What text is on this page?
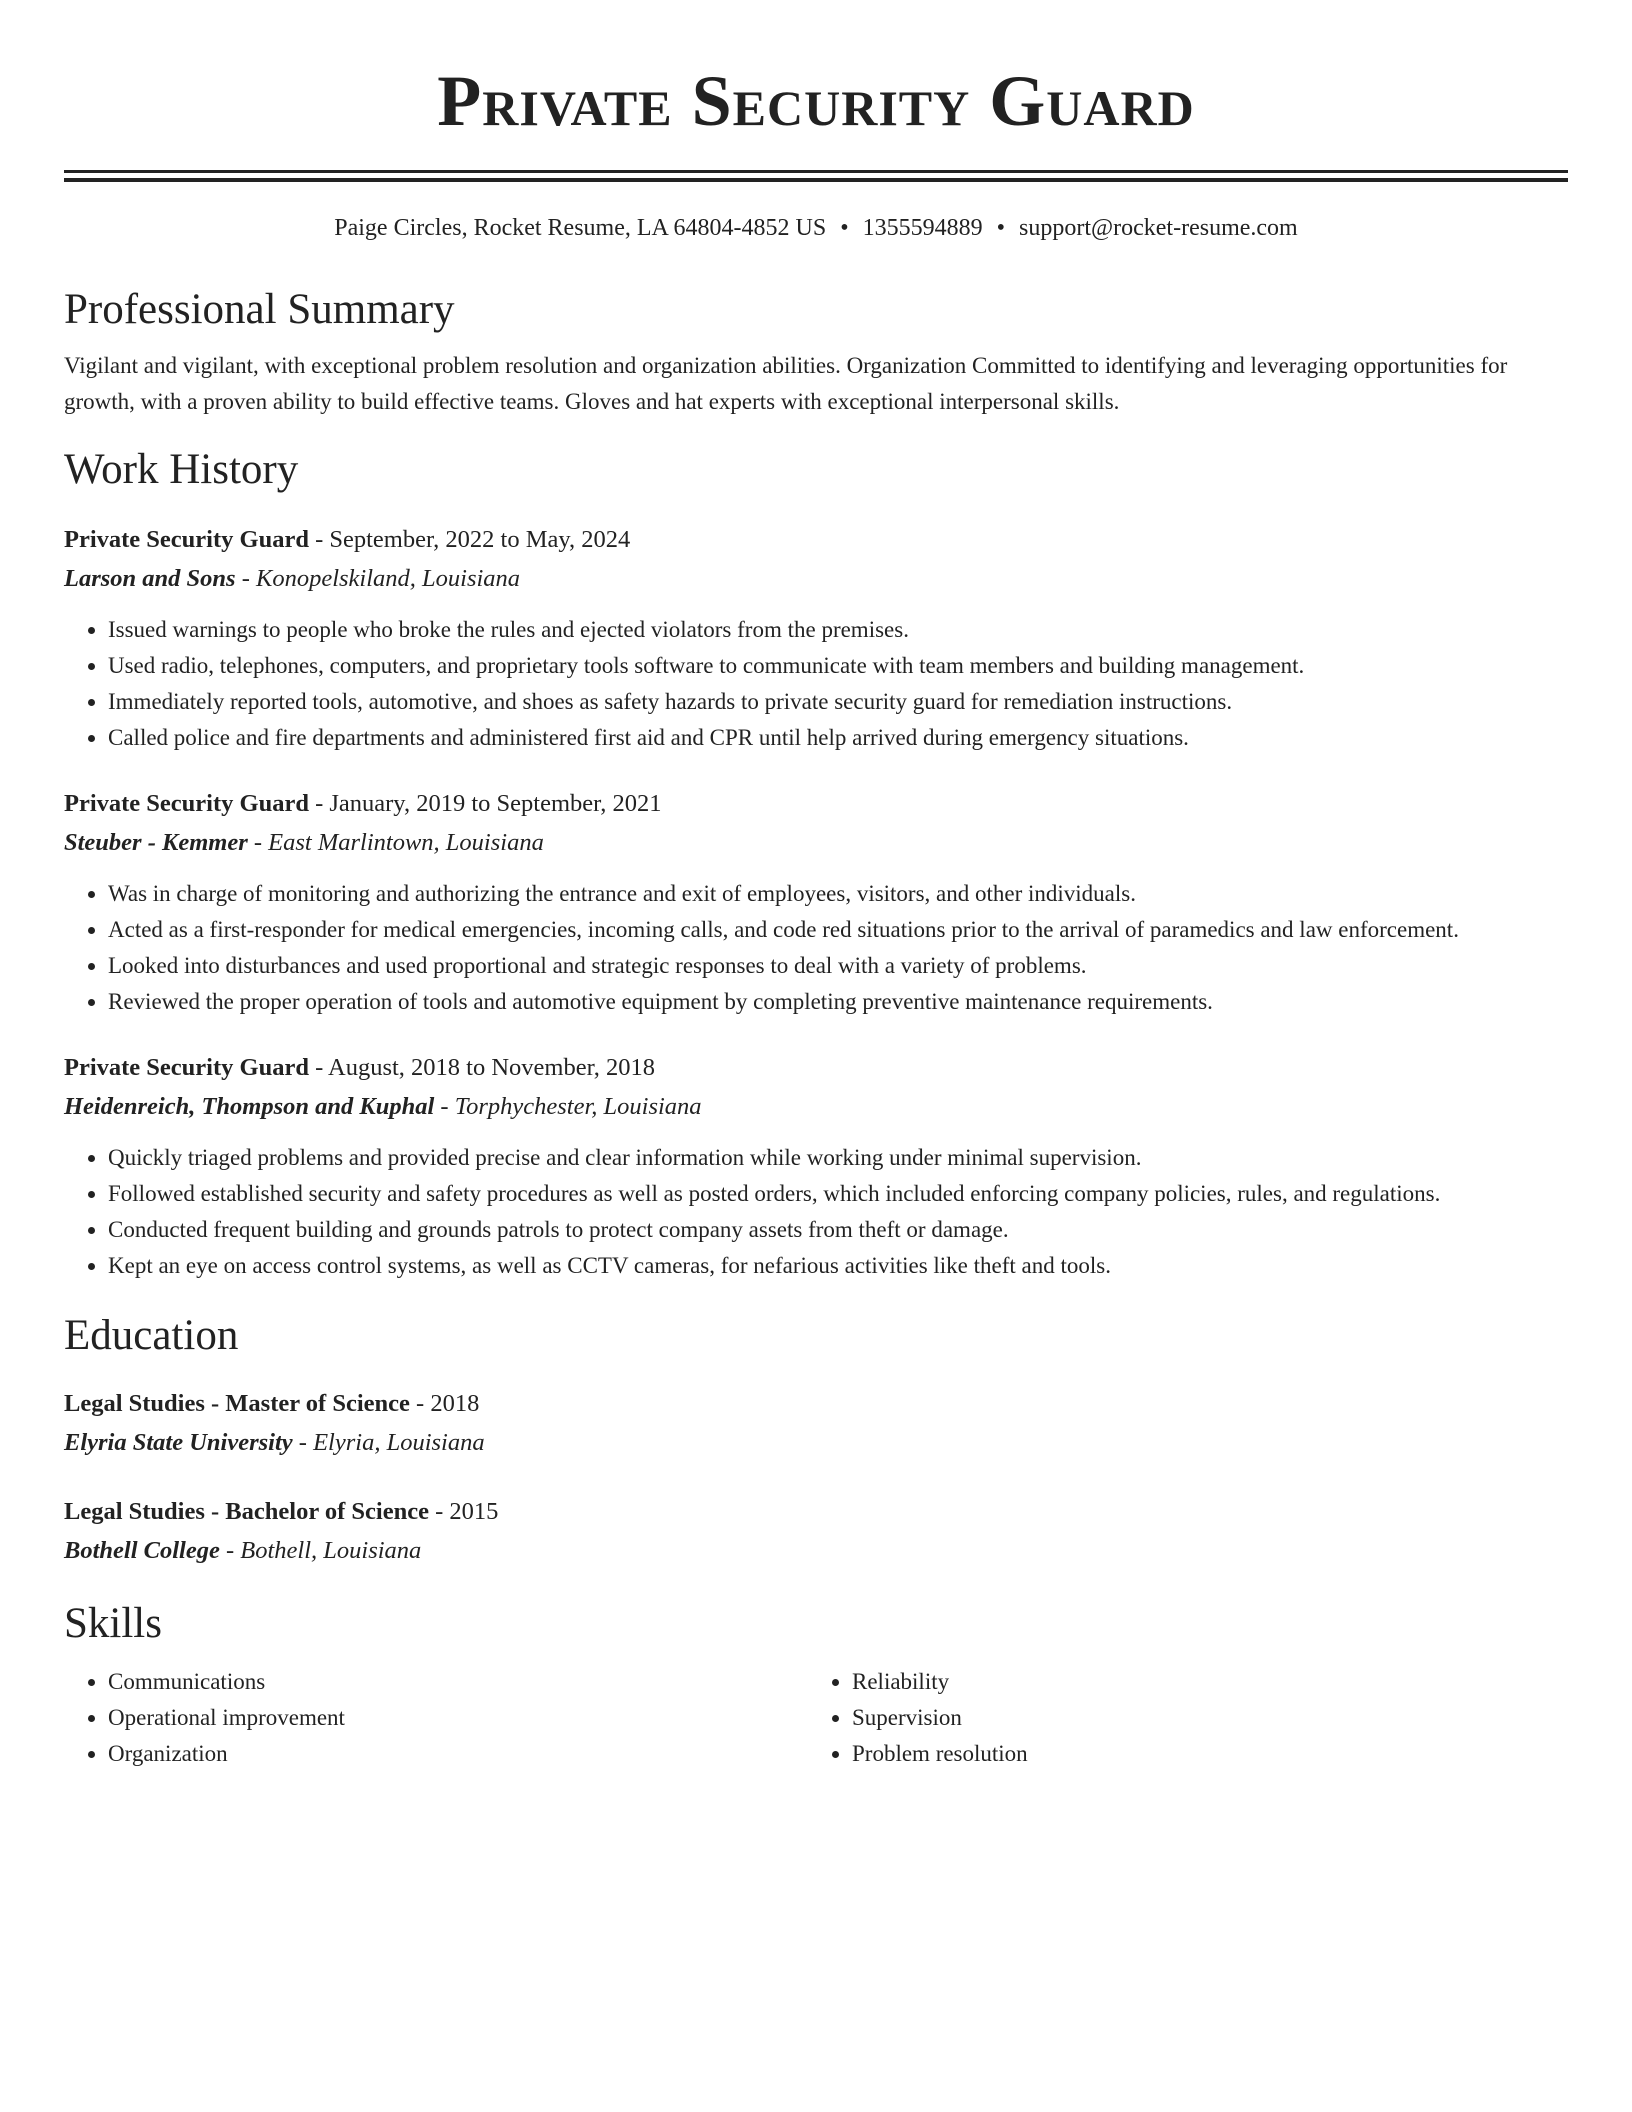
Private Security Guard
Paige Circles, Rocket Resume, LA 64804-4852 US • 1355594889 • support@rocket-resume.com
Professional Summary
Vigilant and vigilant, with exceptional problem resolution and organization abilities. Organization Committed to identifying and leveraging opportunities for growth, with a proven ability to build effective teams. Gloves and hat experts with exceptional interpersonal skills.
Work History
Private Security Guard - September, 2022 to May, 2024
Larson and Sons - Konopelskiland, Louisiana
• Issued warnings to people who broke the rules and ejected violators from the premises.
• Used radio, telephones, computers, and proprietary tools software to communicate with team members and building management.
• Immediately reported tools, automotive, and shoes as safety hazards to private security guard for remediation instructions.
• Called police and fire departments and administered first aid and CPR until help arrived during emergency situations.
Private Security Guard - January, 2019 to September, 2021
Steuber - Kemmer - East Marlintown, Louisiana
• Was in charge of monitoring and authorizing the entrance and exit of employees, visitors, and other individuals.
• Acted as a first-responder for medical emergencies, incoming calls, and code red situations prior to the arrival of paramedics and law enforcement.
• Looked into disturbances and used proportional and strategic responses to deal with a variety of problems.
• Reviewed the proper operation of tools and automotive equipment by completing preventive maintenance requirements.
Private Security Guard - August, 2018 to November, 2018
Heidenreich, Thompson and Kuphal - Torphychester, Louisiana
• Quickly triaged problems and provided precise and clear information while working under minimal supervision.
• Followed established security and safety procedures as well as posted orders, which included enforcing company policies, rules, and regulations.
• Conducted frequent building and grounds patrols to protect company assets from theft or damage.
• Kept an eye on access control systems, as well as CCTV cameras, for nefarious activities like theft and tools.
Education
Legal Studies - Master of Science - 2018
Elyria State University - Elyria, Louisiana
Legal Studies - Bachelor of Science - 2015
Bothell College - Bothell, Louisiana
Skills
• Communications
• Operational improvement
• Organization
• Reliability
• Supervision
• Problem resolution
